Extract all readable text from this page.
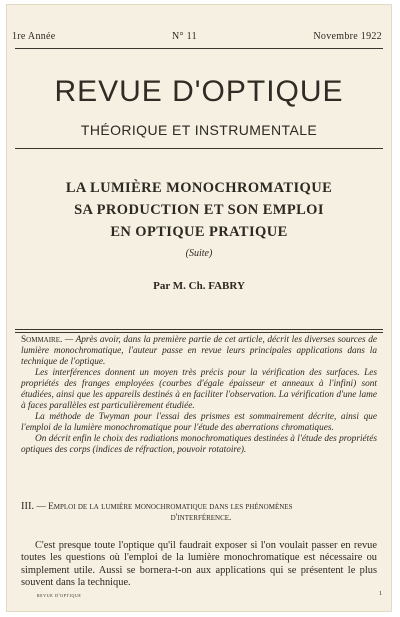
1re Année	N° 11	Novembre 1922
REVUE D'OPTIQUE
THÉORIQUE ET INSTRUMENTALE
LA LUMIÈRE MONOCHROMATIQUE
SA PRODUCTION ET SON EMPLOI
EN OPTIQUE PRATIQUE
(Suite)
Par M. Ch. FABRY

Sommaire. — Après avoir, dans la première partie de cet article, décrit les diverses sources de lumière monochromatique, l'auteur passe en revue leurs principales applications dans la technique de l'optique.

Les interférences donnent un moyen très précis pour la vérification des surfaces. Les propriétés des franges employées (courbes d'égale épaisseur et anneaux à l'infini) sont étudiées, ainsi que les appareils destinés à en faciliter l'observation. La vérification d'une lame à faces parallèles est particulièrement étudiée.

La méthode de Twyman pour l'essai des prismes est sommairement décrite, ainsi que l'emploi de la lumière monochromatique pour l'étude des aberrations chromatiques.

On décrit enfin le choix des radiations monochromatiques destinées à l'étude des propriétés optiques des corps (indices de réfraction, pouvoir rotatoire).

III. — Emploi de la lumière monochromatique dans les phénomènes
d'interférence.
C'est presque toute l'optique qu'il faudrait exposer si l'on voulait passer en revue toutes les questions où l'emploi de la lumière monochromatique est nécessaire ou simplement utile. Aussi se bornera-t-on aux applications qui se présentent le plus souvent dans la technique.
revue d'optique	1
